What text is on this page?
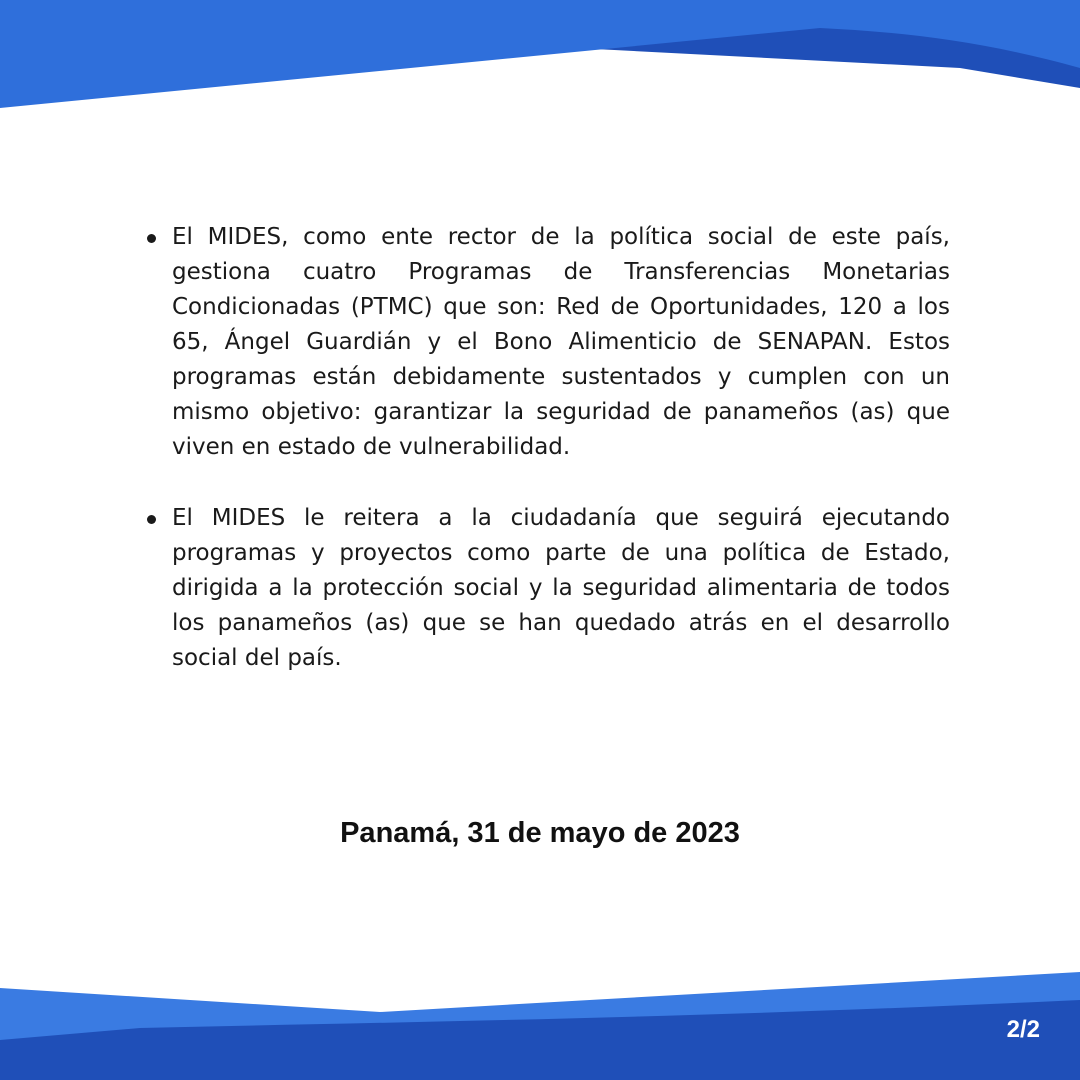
El MIDES, como ente rector de la política social de este país, gestiona cuatro Programas de Transferencias Monetarias Condicionadas (PTMC) que son: Red de Oportunidades, 120 a los 65, Ángel Guardián y el Bono Alimenticio de SENAPAN. Estos programas están debidamente sustentados y cumplen con un mismo objetivo: garantizar la seguridad de panameños (as) que viven en estado de vulnerabilidad.
El MIDES le reitera a la ciudadanía que seguirá ejecutando programas y proyectos como parte de una política de Estado, dirigida a la protección social y la seguridad alimentaria de todos los panameños (as) que se han quedado atrás en el desarrollo social del país.
Panamá, 31 de mayo de 2023
2/2
